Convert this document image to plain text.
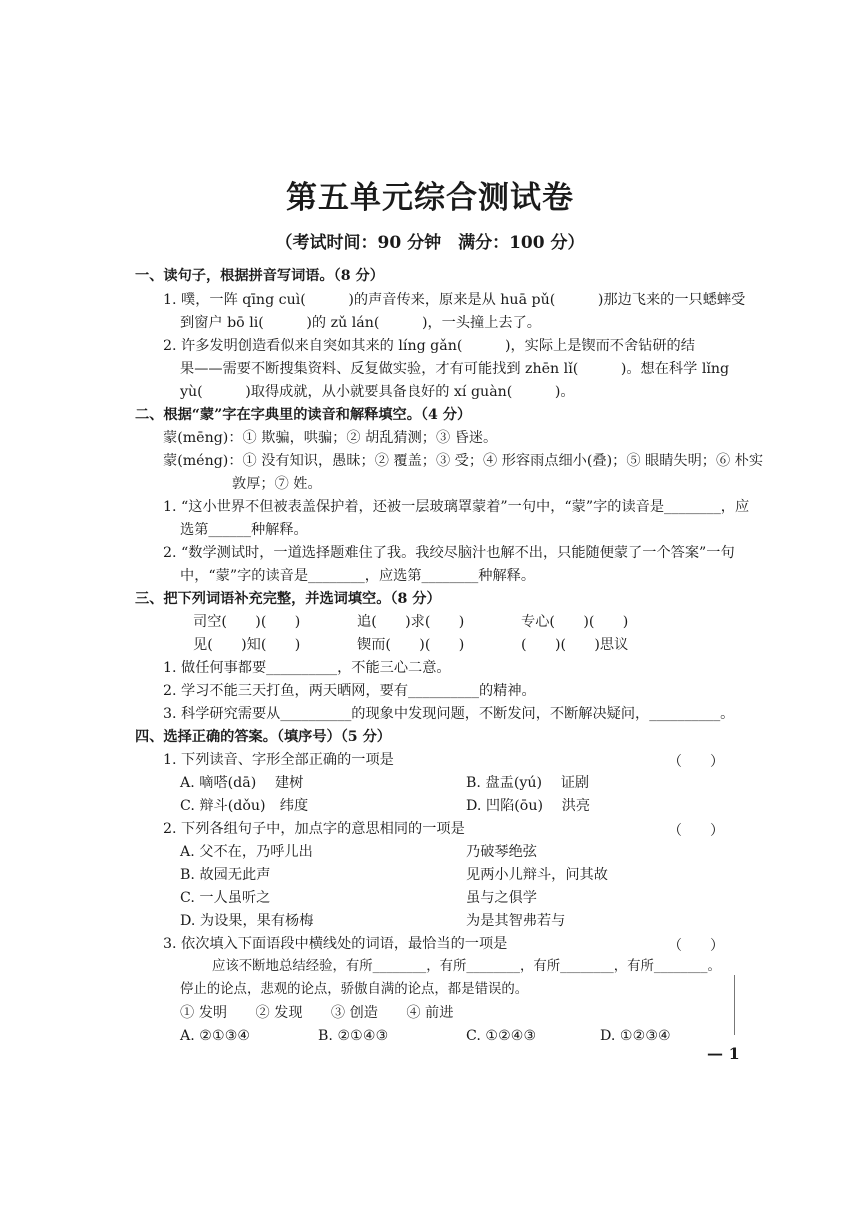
第五单元综合测试卷
（考试时间：90 分钟　满分：100 分）
一、读句子，根据拼音写词语。（8 分）
1. 噗，一阵 qīng cuì(　　　)的声音传来，原来是从 huā pǔ(　　　)那边飞来的一只蟋蟀受
到窗户 bō li(　　　)的 zǔ lán(　　　)，一头撞上去了。
2. 许多发明创造看似来自突如其来的 líng gǎn(　　　)，实际上是锲而不舍钻研的结
果——需要不断搜集资料、反复做实验，才有可能找到 zhēn lǐ(　　　)。想在科学 lǐng
yù(　　　)取得成就，从小就要具备良好的 xí guàn(　　　)。
二、根据“蒙”字在字典里的读音和解释填空。（4 分）
蒙(mēng)：① 欺骗，哄骗；② 胡乱猜测；③ 昏迷。
蒙(méng)：① 没有知识，愚昧；② 覆盖；③ 受；④ 形容雨点细小(叠)；⑤ 眼睛失明；⑥ 朴实
敦厚；⑦ 姓。
1. “这小世界不但被表盖保护着，还被一层玻璃罩蒙着”一句中，“蒙”字的读音是________，应
选第______种解释。
2. “数学测试时，一道选择题难住了我。我绞尽脑汁也解不出，只能随便蒙了一个答案”一句
中，“蒙”字的读音是________，应选第________种解释。
三、把下列词语补充完整，并选词填空。（8 分）
司空(　　)(　　)　　　　追(　　)求(　　)　　　　专心(　　)(　　)
见(　　)知(　　)　　　　锲而(　　)(　　)　　　　(　　)(　　)思议
1. 做任何事都要__________，不能三心二意。
2. 学习不能三天打鱼，两天晒网，要有__________的精神。
3. 科学研究需要从__________的现象中发现问题，不断发问，不断解决疑问，__________。
四、选择正确的答案。（填序号）（5 分）
1. 下列读音、字形全部正确的一项是	（　　）
A. 嘀嗒(dā)　 建树	B. 盘盂(yú)　 证剧
C. 辩斗(dǒu)　纬度	D. 凹陷(ōu)　 洪亮
2. 下列各组句子中，加点字的意思相同的一项是	（　　）
A. 父不在，乃呼儿出	乃破琴绝弦
B. 故园无此声	见两小儿辩斗，问其故
C. 一人虽听之	虽与之俱学
D. 为设果，果有杨梅	为是其智弗若与
3. 依次填入下面语段中横线处的词语，最恰当的一项是	（　　）
应该不断地总结经验，有所________，有所________，有所________，有所________。
停止的论点，悲观的论点，骄傲自满的论点，都是错误的。
① 发明　　② 发现　　③ 创造　　④ 前进
A. ②①③④	B. ②①④③	C. ①②④③	D. ①②③④
— 1
